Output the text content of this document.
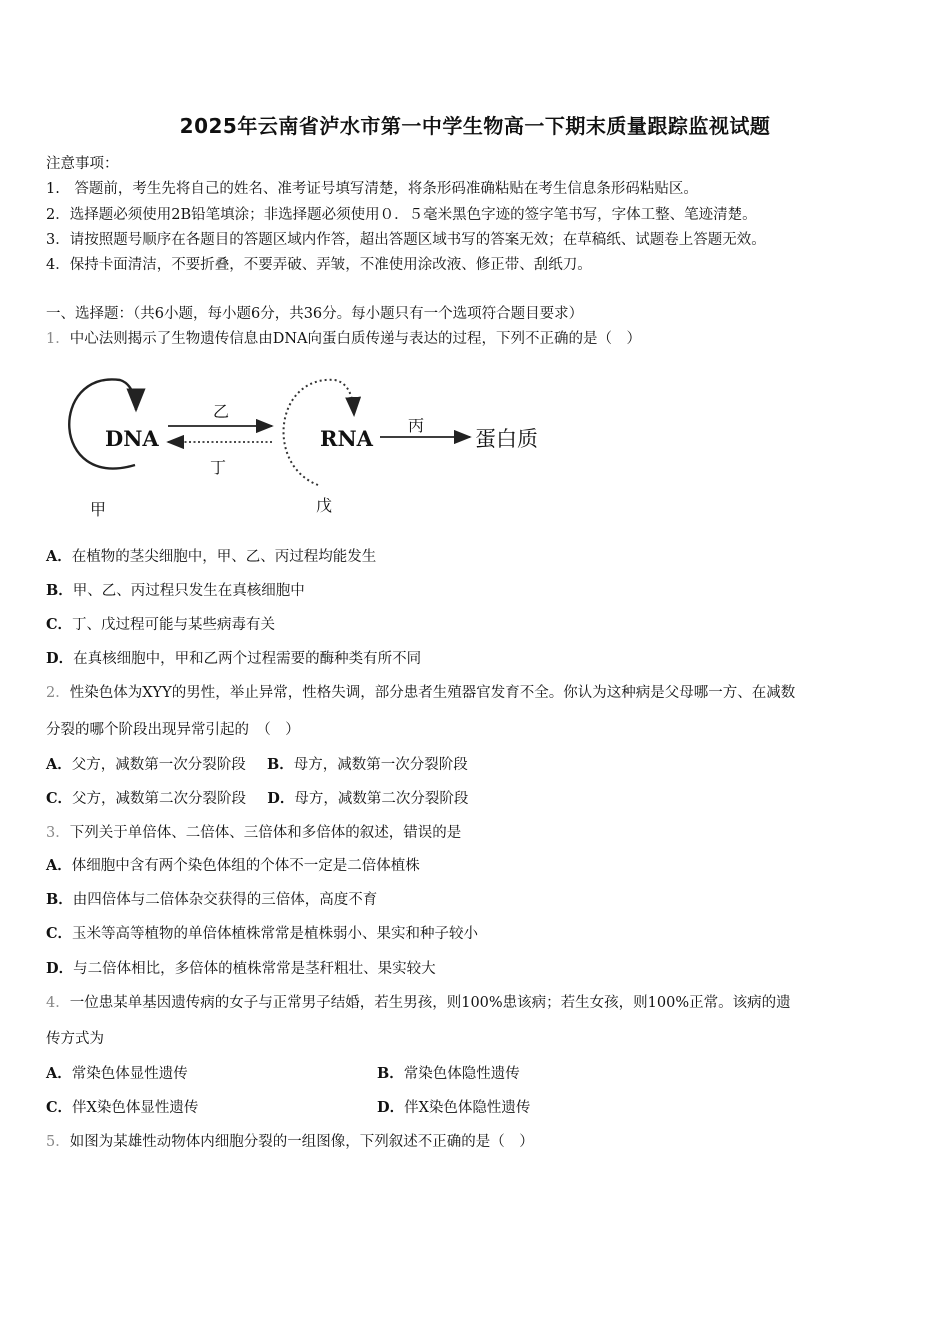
2025年云南省泸水市第一中学生物高一下期末质量跟踪监视试题
注意事项：
1.　答题前，考生先将自己的姓名、准考证号填写清楚，将条形码准确粘贴在考生信息条形码粘贴区。
2．选择题必须使用2B铅笔填涂；非选择题必须使用０．５毫米黑色字迹的签字笔书写，字体工整、笔迹清楚。
3．请按照题号顺序在各题目的答题区域内作答，超出答题区域书写的答案无效；在草稿纸、试题卷上答题无效。
4．保持卡面清洁，不要折叠，不要弄破、弄皱，不准使用涂改液、修正带、刮纸刀。
一、选择题：（共6小题，每小题6分，共36分。每小题只有一个选项符合题目要求）
1．中心法则揭示了生物遗传信息由DNA向蛋白质传递与表达的过程，下列不正确的是（　）
DNA	RNA	蛋白质
乙
丁
丙
甲	戊
A．在植物的茎尖细胞中，甲、乙、丙过程均能发生
B．甲、乙、丙过程只发生在真核细胞中
C．丁、戊过程可能与某些病毒有关
D．在真核细胞中，甲和乙两个过程需要的酶种类有所不同
2．性染色体为XYY的男性，举止异常，性格失调，部分患者生殖器官发育不全。你认为这种病是父母哪一方、在减数
分裂的哪个阶段出现异常引起的　（　）
A．父方，减数第一次分裂阶段 B．母方，减数第一次分裂阶段
C．父方，减数第二次分裂阶段 D．母方，减数第二次分裂阶段
3．下列关于单倍体、二倍体、三倍体和多倍体的叙述，错误的是
A．体细胞中含有两个染色体组的个体不一定是二倍体植株
B．由四倍体与二倍体杂交获得的三倍体，高度不育
C．玉米等高等植物的单倍体植株常常是植株弱小、果实和种子较小
D．与二倍体相比，多倍体的植株常常是茎秆粗壮、果实较大
4．一位患某单基因遗传病的女子与正常男子结婚，若生男孩，则100%患该病；若生女孩，则100%正常。该病的遗
传方式为
A．常染色体显性遗传	B．常染色体隐性遗传
C．伴X染色体显性遗传	D．伴X染色体隐性遗传
5．如图为某雄性动物体内细胞分裂的一组图像，下列叙述不正确的是（　）
